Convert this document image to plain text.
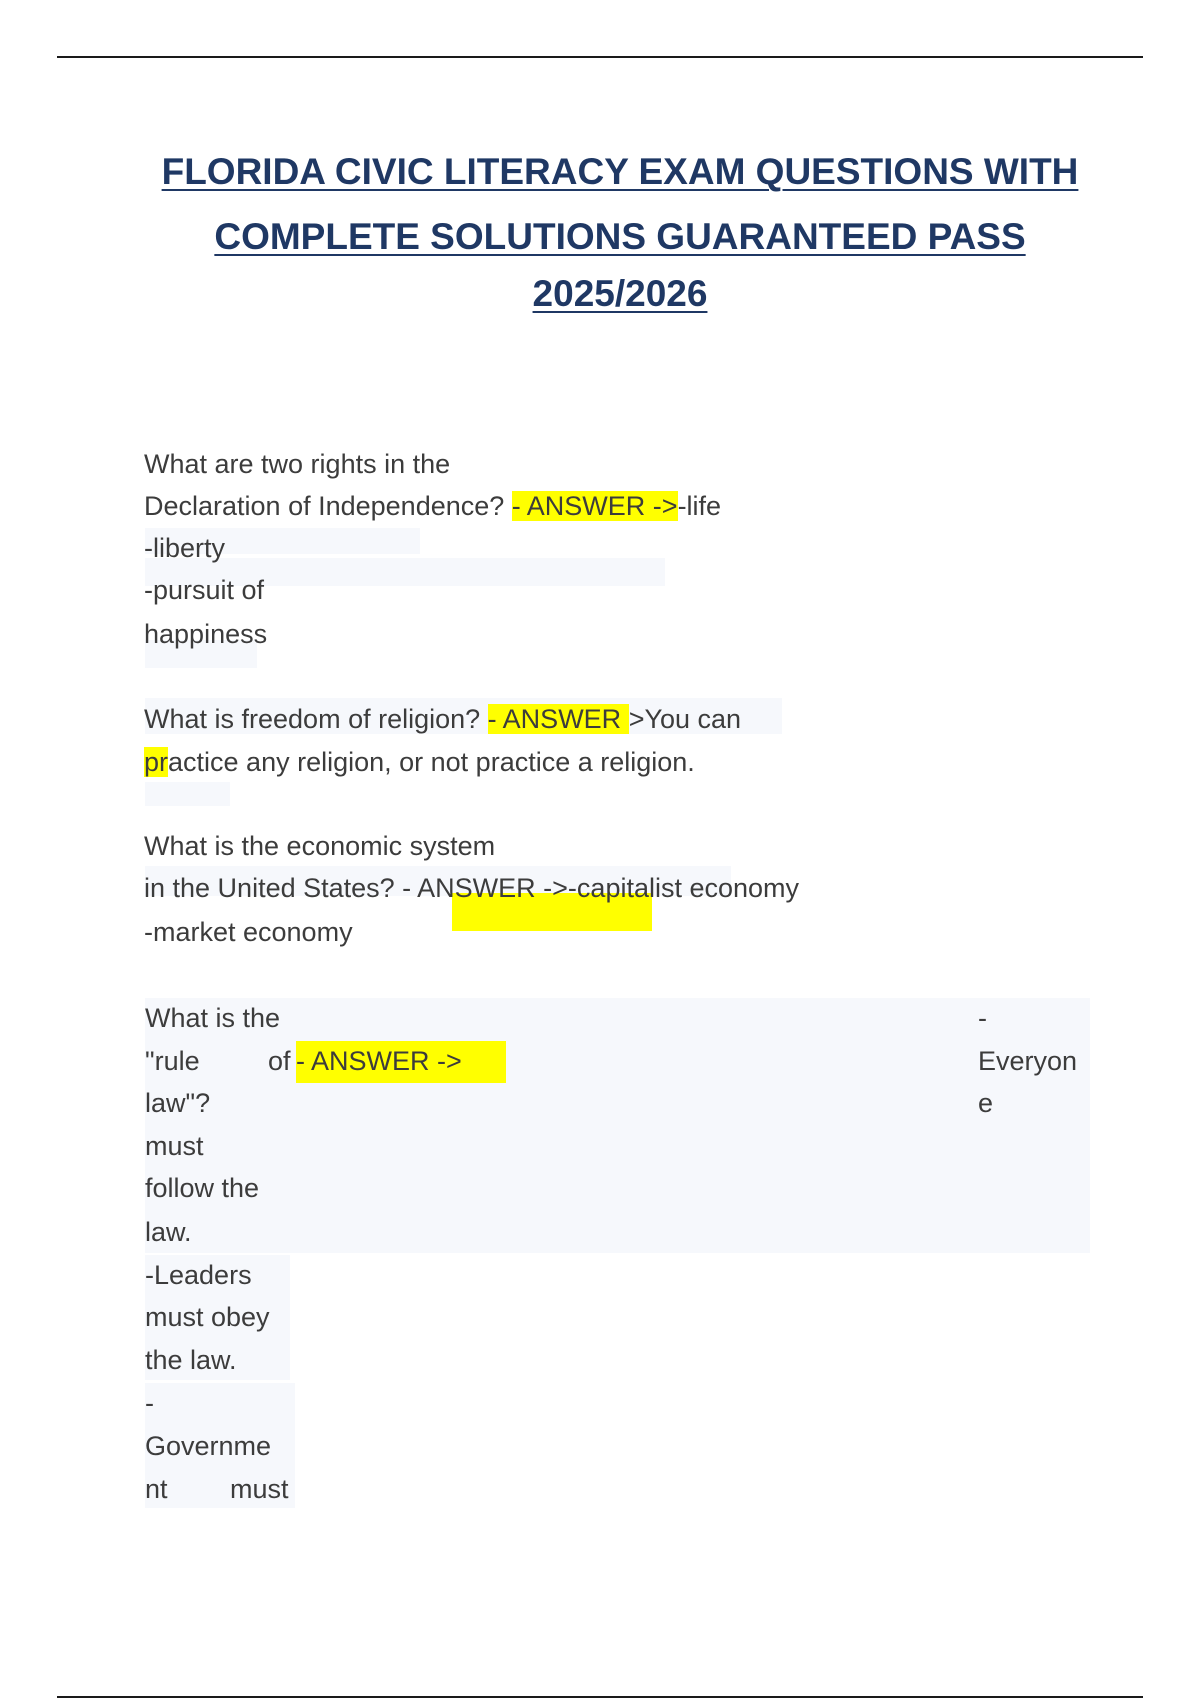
FLORIDA CIVIC LITERACY EXAM QUESTIONS WITH
COMPLETE SOLUTIONS GUARANTEED PASS
2025/2026
What are two rights in the
Declaration of Independence? - ANSWER ->-life
-liberty
-pursuit of
happiness
What is freedom of religion? - ANSWER >You can
practice any religion, or not practice a religion.
What is the economic system
in the United States? - ANSWER ->-capitalist economy
-market economy
What is the
"rule	of - ANSWER ->
law"?
must
follow the
law.
-Leaders
must obey
the law.
-
Governme
nt must
-
Everyon
e
